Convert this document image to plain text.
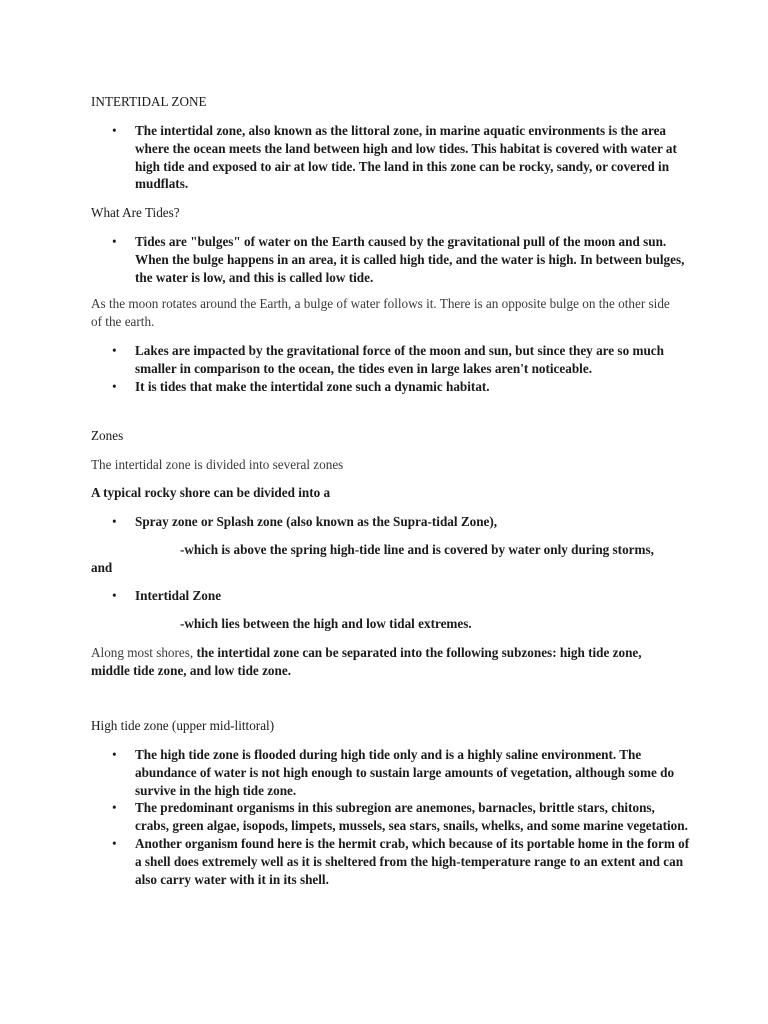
INTERTIDAL ZONE
• The intertidal zone, also known as the littoral zone, in marine aquatic environments is the area where the ocean meets the land between high and low tides. This habitat is covered with water at high tide and exposed to air at low tide. The land in this zone can be rocky, sandy, or covered in mudflats.
What Are Tides?
• Tides are "bulges" of water on the Earth caused by the gravitational pull of the moon and sun. When the bulge happens in an area, it is called high tide, and the water is high. In between bulges, the water is low, and this is called low tide.
As the moon rotates around the Earth, a bulge of water follows it. There is an opposite bulge on the other side of the earth.
• Lakes are impacted by the gravitational force of the moon and sun, but since they are so much smaller in comparison to the ocean, the tides even in large lakes aren't noticeable.
• It is tides that make the intertidal zone such a dynamic habitat.
Zones
The intertidal zone is divided into several zones
A typical rocky shore can be divided into a
• Spray zone or Splash zone (also known as the Supra-tidal Zone),
-which is above the spring high-tide line and is covered by water only during storms,
and
• Intertidal Zone
-which lies between the high and low tidal extremes.
Along most shores, the intertidal zone can be separated into the following subzones: high tide zone, middle tide zone, and low tide zone.
High tide zone (upper mid-littoral)
• The high tide zone is flooded during high tide only and is a highly saline environment. The abundance of water is not high enough to sustain large amounts of vegetation, although some do survive in the high tide zone.
• The predominant organisms in this subregion are anemones, barnacles, brittle stars, chitons, crabs, green algae, isopods, limpets, mussels, sea stars, snails, whelks, and some marine vegetation.
• Another organism found here is the hermit crab, which because of its portable home in the form of a shell does extremely well as it is sheltered from the high-temperature range to an extent and can also carry water with it in its shell.
